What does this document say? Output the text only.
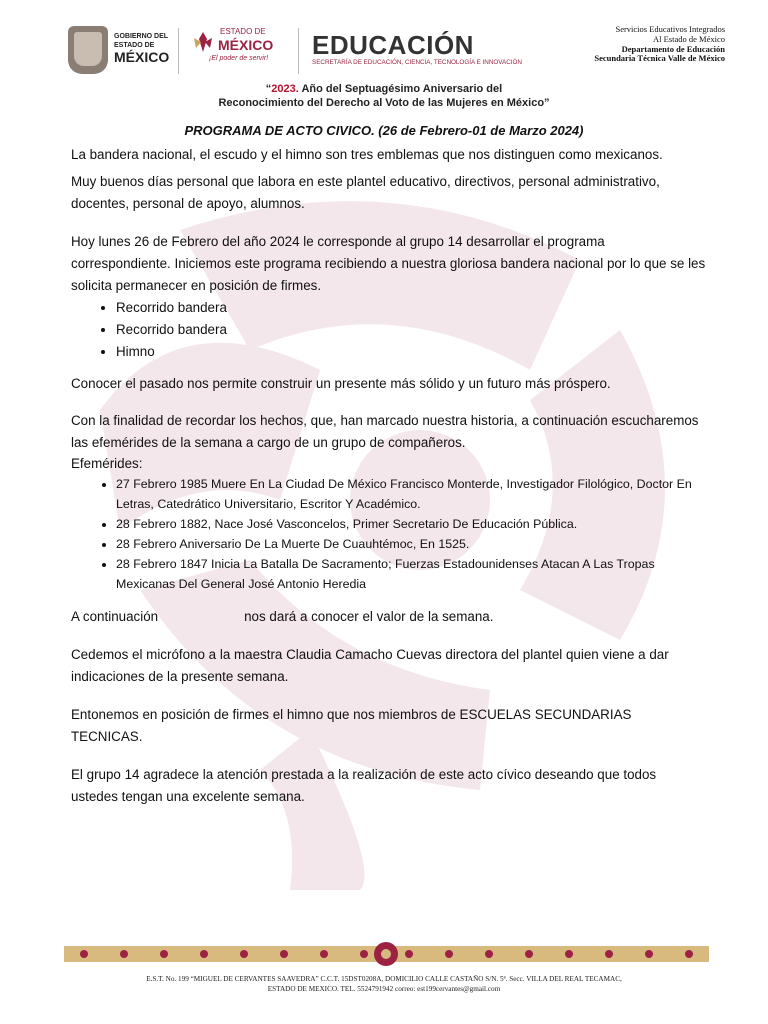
GOBIERNO DEL
ESTADO DE
MÉXICO
ESTADO DE
MÉXICO
¡El poder de servir! EDUCACIÓN
SECRETARÍA DE EDUCACIÓN, CIENCIA, TECNOLOGÍA E INNOVACIÓN
Servicios Educativos Integrados
Al Estado de México
Departamento de Educación
Secundaria Técnica Valle de México
“2023. Año del Septuagésimo Aniversario del
Reconocimiento del Derecho al Voto de las Mujeres en México”
PROGRAMA DE ACTO CIVICO. (26 de Febrero-01 de Marzo 2024)

La bandera nacional, el escudo y el himno son tres emblemas que nos distinguen como mexicanos.

Muy buenos días personal que labora en este plantel educativo, directivos, personal administrativo, docentes, personal de apoyo, alumnos.

Hoy lunes 26 de Febrero del año 2024 le corresponde al grupo 14 desarrollar el programa correspondiente. Iniciemos este programa recibiendo a nuestra gloriosa bandera nacional por lo que se les solicita permanecer en posición de firmes.

• Recorrido bandera
• Recorrido bandera
• Himno

Conocer el pasado nos permite construir un presente más sólido y un futuro más próspero.

Con la finalidad de recordar los hechos, que, han marcado nuestra historia, a continuación escucharemos las efemérides de la semana a cargo de un grupo de compañeros.

Efemérides:

• 27 Febrero 1985 Muere En La Ciudad De México Francisco Monterde, Investigador Filológico, Doctor En Letras, Catedrático Universitario, Escritor Y Académico.
• 28 Febrero 1882, Nace José Vasconcelos, Primer Secretario De Educación Pública.
• 28 Febrero Aniversario De La Muerte De Cuauhtémoc, En 1525.
• 28 Febrero 1847 Inicia La Batalla De Sacramento; Fuerzas Estadounidenses Atacan A Las Tropas Mexicanas Del General José Antonio Heredia

A continuación	nos dará a conocer el valor de la semana.

Cedemos el micrófono a la maestra Claudia Camacho Cuevas directora del plantel quien viene a dar indicaciones de la presente semana.

Entonemos en posición de firmes el himno que nos miembros de ESCUELAS SECUNDARIAS TECNICAS.

El grupo 14 agradece la atención prestada a la realización de este acto cívico deseando que todos ustedes tengan una excelente semana.

E.S.T. No. 199 “MIGUEL DE CERVANTES SAAVEDRA” C.C.T. 15DST0208A, DOMICILIO CALLE CASTAÑO S/N. 5ª. Secc. VILLA DEL REAL TECAMAC,
ESTADO DE MEXICO. TEL. 5524791942 correo: est199cervantes@gmail.com
